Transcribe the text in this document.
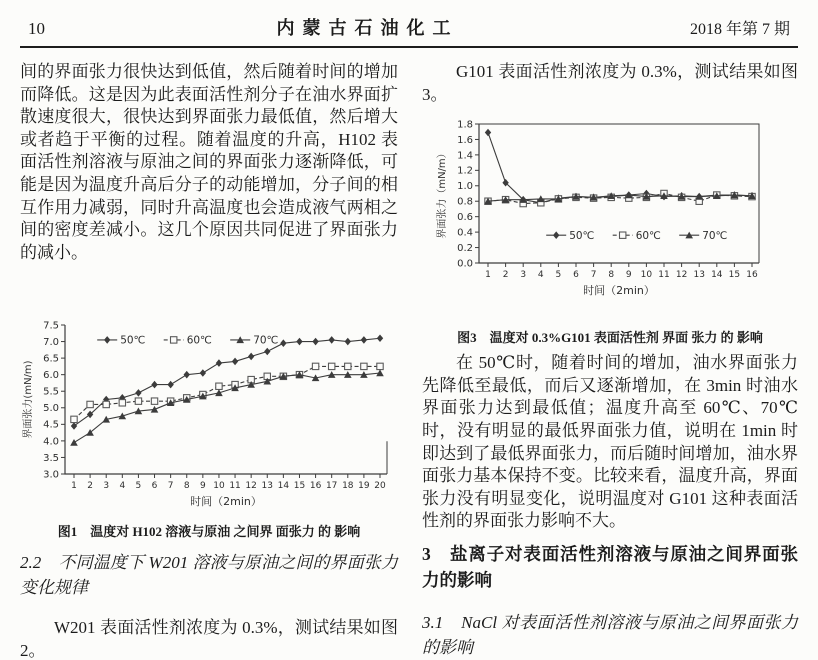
10	内蒙古石油化工	2018 年第 7 期

间的界面张力很快达到低值，然后随着时间的增加而降低。这是因为此表面活性剂分子在油水界面扩散速度很大，很快达到界面张力最低值，然后增大或者趋于平衡的过程。随着温度的升高，H102 表面活性剂溶液与原油之间的界面张力逐渐降低，可能是因为温度升高后分子的动能增加，分子间的相互作用力减弱，同时升高温度也会造成液气两相之间的密度差减小。这几个原因共同促进了界面张力的减小。

3.0
3.5
4.0
4.5
5.0
5.5
6.0
6.5
7.0
7.5
1 2 3 4 5 6 7 8 9 10 11 12 13 14 15 16 17 18 19 20
时间（2min）
界面张力(mN/m)
50℃	60℃	70℃
图1　温度对 H102 溶液与原油 之间界 面张力 的 影响

2.2　不同温度下 W201 溶液与原油之间的界面张力变化规律

W201 表面活性剂浓度为 0.3%，测试结果如图 2。

G101 表面活性剂浓度为 0.3%，测试结果如图 3。

0.0
0.2
0.4
0.6
0.8
1.0
1.2
1.4
1.6
1.8
1 2 3 4 5 6 7 8 9 10 11 12 13 14 15 16
时间（2min）
界面张力（mN/m）	50℃	60℃	70℃
图3　温度对 0.3%G101 表面活性剂 界面 张力 的 影响

在 50℃时，随着时间的增加，油水界面张力先降低至最低，而后又逐渐增加，在 3min 时油水界面张力达到最低值；温度升高至 60℃、70℃时，没有明显的最低界面张力值，说明在 1min 时即达到了最低界面张力，而后随时间增加，油水界面张力基本保持不变。比较来看，温度升高，界面张力没有明显变化，说明温度对 G101 这种表面活性剂的界面张力影响不大。

3　盐离子对表面活性剂溶液与原油之间界面张力的影响

3.1　NaCl 对表面活性剂溶液与原油之间界面张力的影响
